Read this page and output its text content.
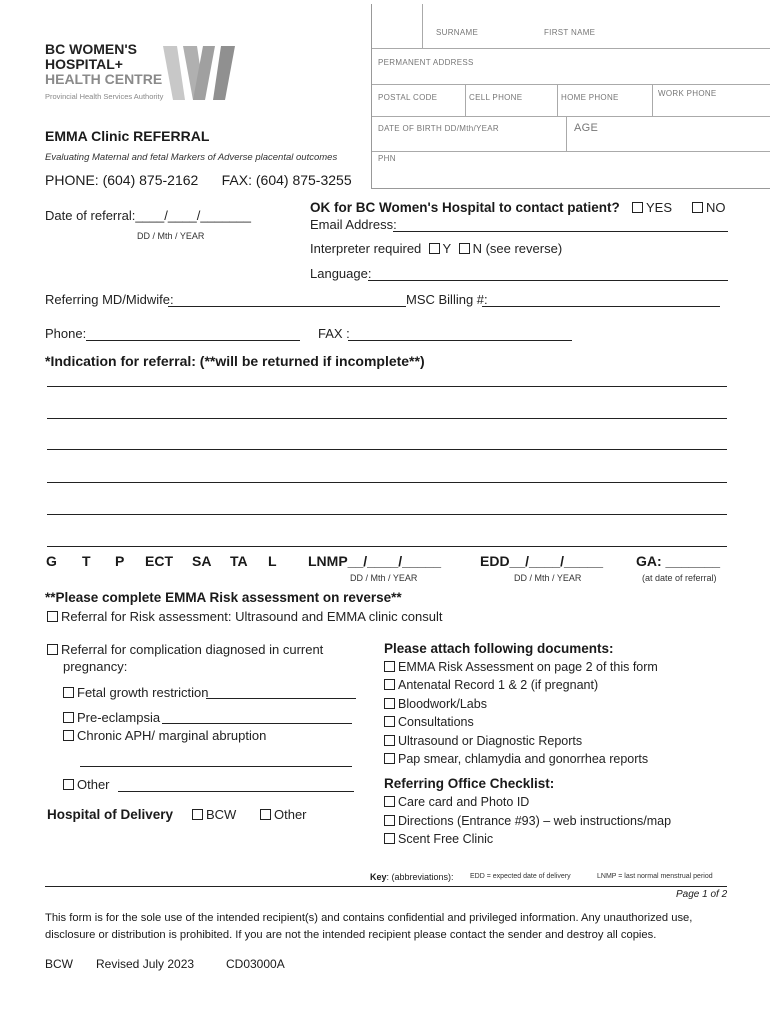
BC WOMEN'S
HOSPITAL+
HEALTH CENTRE
Provincial Health Services Authority
SURNAME	FIRST NAME
PERMANENT ADDRESS
POSTAL CODE	CELL PHONE	HOME PHONE	WORK PHONE
DATE OF BIRTH DD/Mth/YEAR	AGE
PHN
EMMA Clinic REFERRAL
Evaluating Maternal and fetal Markers of Adverse placental outcomes
PHONE: (604) 875-2162      FAX: (604) 875-3255
Date of referral:____/____/_______
DD / Mth / YEAR
OK for BC Women's Hospital to contact patient?	YES	NO
Email Address:
Interpreter required Y N (see reverse)
Language:
Referring MD/Midwife:	MSC Billing #:
Phone:	FAX :
*Indication for referral: (**will be returned if incomplete**)
G T P ECT SA TA L LNMP__/____/_____	EDD__/____/_____ GA: _______
DD / Mth / YEAR	DD / Mth / YEAR	(at date of referral)
**Please complete EMMA Risk assessment on reverse**
Referral for Risk assessment: Ultrasound and EMMA clinic consult
Referral for complication diagnosed in current
pregnancy:
Fetal growth restriction
Pre-eclampsia
Chronic APH/ marginal abruption
Other
Hospital of Delivery	BCW	Other
Please attach following documents:
EMMA Risk Assessment on page 2 of this form
Antenatal Record 1 & 2 (if pregnant)
Bloodwork/Labs
Consultations
Ultrasound or Diagnostic Reports
Pap smear, chlamydia and gonorrhea reports
Referring Office Checklist:
Care card and Photo ID
Directions (Entrance #93) – web instructions/map
Scent Free Clinic
Key: (abbreviations): EDD = expected date of delivery	LNMP = last normal menstrual period
Page 1 of 2
This form is for the sole use of the intended recipient(s) and contains confidential and privileged information. Any unauthorized use,
disclosure or distribution is prohibited. If you are not the intended recipient please contact the sender and destroy all copies.
BCW Revised July 2023	CD03000A
